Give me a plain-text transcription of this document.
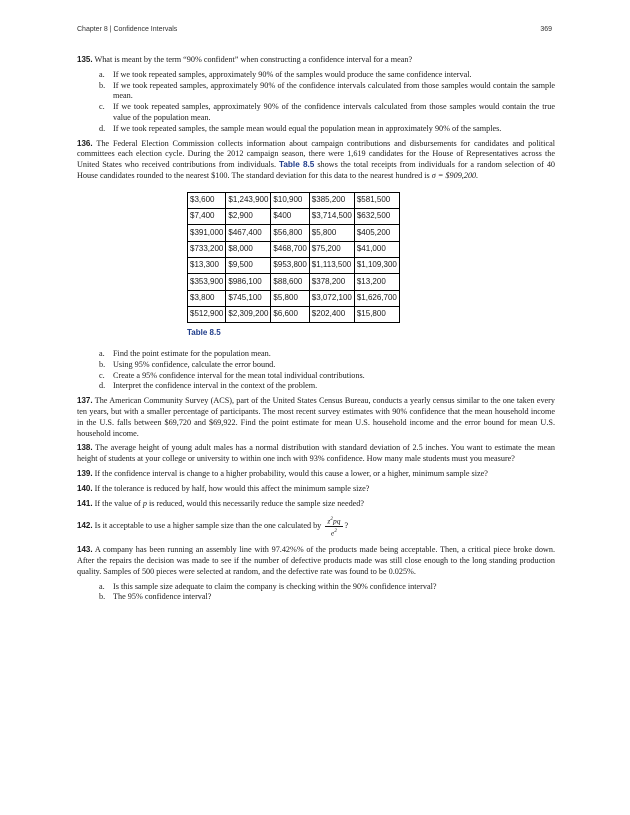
Chapter 8 | Confidence Intervals	369

135. What is meant by the term “90% confident” when constructing a confidence interval for a mean?

a. If we took repeated samples, approximately 90% of the samples would produce the same confidence interval.
b. If we took repeated samples, approximately 90% of the confidence intervals calculated from those samples would contain the sample mean.
c. If we took repeated samples, approximately 90% of the confidence intervals calculated from those samples would contain the true value of the population mean.
d. If we took repeated samples, the sample mean would equal the population mean in approximately 90% of the samples.

136. The Federal Election Commission collects information about campaign contributions and disbursements for candidates and political committees each election cycle. During the 2012 campaign season, there were 1,619 candidates for the House of Representatives across the United States who received contributions from individuals. Table 8.5 shows the total receipts from individuals for a random selection of 40 House candidates rounded to the nearest $100. The standard deviation for this data to the nearest hundred is σ = $909,200.

$3,600	$1,243,900	$10,900	$385,200	$581,500
$7,400	$2,900	$400	$3,714,500	$632,500
$391,000	$467,400	$56,800	$5,800	$405,200
$733,200	$8,000	$468,700	$75,200	$41,000
$13,300	$9,500	$953,800	$1,113,500	$1,109,300
$353,900	$986,100	$88,600	$378,200	$13,200
$3,800	$745,100	$5,800	$3,072,100	$1,626,700
$512,900	$2,309,200	$6,600	$202,400	$15,800
Table 8.5
a. Find the point estimate for the population mean.
b. Using 95% confidence, calculate the error bound.
c. Create a 95% confidence interval for the mean total individual contributions.
d. Interpret the confidence interval in the context of the problem.

137. The American Community Survey (ACS), part of the United States Census Bureau, conducts a yearly census similar to the one taken every ten years, but with a smaller percentage of participants. The most recent survey estimates with 90% confidence that the mean household income in the U.S. falls between $69,720 and $69,922. Find the point estimate for mean U.S. household income and the error bound for mean U.S. household income.

138. The average height of young adult males has a normal distribution with standard deviation of 2.5 inches. You want to estimate the mean height of students at your college or university to within one inch with 93% confidence. How many male students must you measure?

139. If the confidence interval is change to a higher probability, would this cause a lower, or a higher, minimum sample size?

140. If the tolerance is reduced by half, how would this affect the minimum sample size?

141. If the value of p is reduced, would this necessarily reduce the sample size needed?

142. Is it acceptable to use a higher sample size than the one calculated by $\frac{z^2pq}{e^2}$ ?

143. A company has been running an assembly line with 97.42%% of the products made being acceptable. Then, a critical piece broke down. After the repairs the decision was made to see if the number of defective products made was still close enough to the long standing production quality. Samples of 500 pieces were selected at random, and the defective rate was found to be 0.025%.

a. Is this sample size adequate to claim the company is checking within the 90% confidence interval?
b. The 95% confidence interval?
